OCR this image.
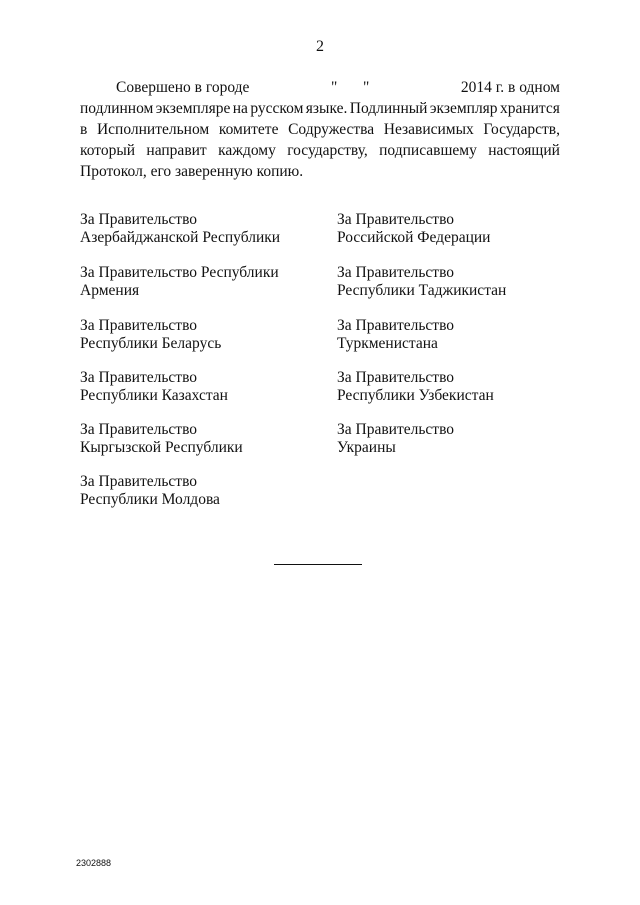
2
Совершено в городе	" "	2014 г. в одном
подлинном экземпляре на русском языке. Подлинный экземпляр хранится
в Исполнительном комитете Содружества Независимых Государств,
который направит каждому государству, подписавшему настоящий
Протокол, его заверенную копию.
За Правительство
Азербайджанской Республики
За Правительство Республики
Армения
За Правительство
Республики Беларусь
За Правительство
Республики Казахстан
За Правительство
Кыргызской Республики
За Правительство
Республики Молдова
За Правительство
Российской Федерации
За Правительство
Республики Таджикистан
За Правительство
Туркменистана
За Правительство
Республики Узбекистан
За Правительство
Украины
2302888
